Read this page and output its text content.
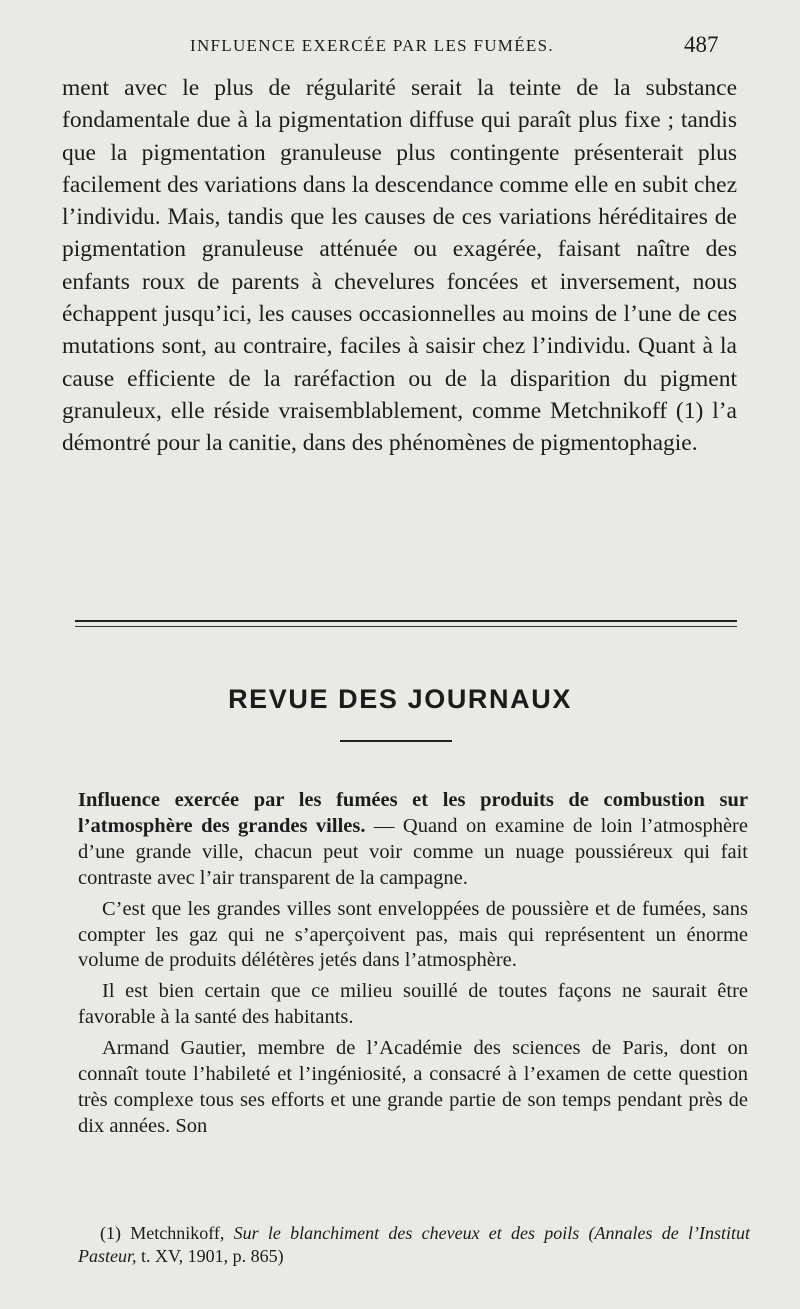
INFLUENCE EXERCÉE PAR LES FUMÉES.	487

ment avec le plus de régularité serait la teinte de la substance fondamentale due à la pigmentation diffuse qui paraît plus fixe ; tandis que la pigmentation granuleuse plus contingente présenterait plus facilement des variations dans la descendance comme elle en subit chez l’individu. Mais, tandis que les causes de ces variations héréditaires de pigmentation granuleuse atténuée ou exagérée, faisant naître des enfants roux de parents à chevelures foncées et inversement, nous échappent jusqu’ici, les causes occasionnelles au moins de l’une de ces mutations sont, au contraire, faciles à saisir chez l’individu. Quant à la cause efficiente de la raréfaction ou de la disparition du pigment granuleux, elle réside vraisemblablement, comme Metchnikoff (1) l’a démontré pour la canitie, dans des phénomènes de pigmentophagie.

REVUE DES JOURNAUX

Influence exercée par les fumées et les produits de combustion sur l’atmosphère des grandes villes. — Quand on examine de loin l’atmosphère d’une grande ville, chacun peut voir comme un nuage poussiéreux qui fait contraste avec l’air transparent de la campagne.

C’est que les grandes villes sont enveloppées de poussière et de fumées, sans compter les gaz qui ne s’aperçoivent pas, mais qui représentent un énorme volume de produits délétères jetés dans l’atmosphère.

Il est bien certain que ce milieu souillé de toutes façons ne saurait être favorable à la santé des habitants.

Armand Gautier, membre de l’Académie des sciences de Paris, dont on connaît toute l’habileté et l’ingéniosité, a consacré à l’examen de cette question très complexe tous ses efforts et une grande partie de son temps pendant près de dix années. Son

(1) Metchnikoff, Sur le blanchiment des cheveux et des poils (Annales de l’Institut Pasteur, t. XV, 1901, p. 865)
